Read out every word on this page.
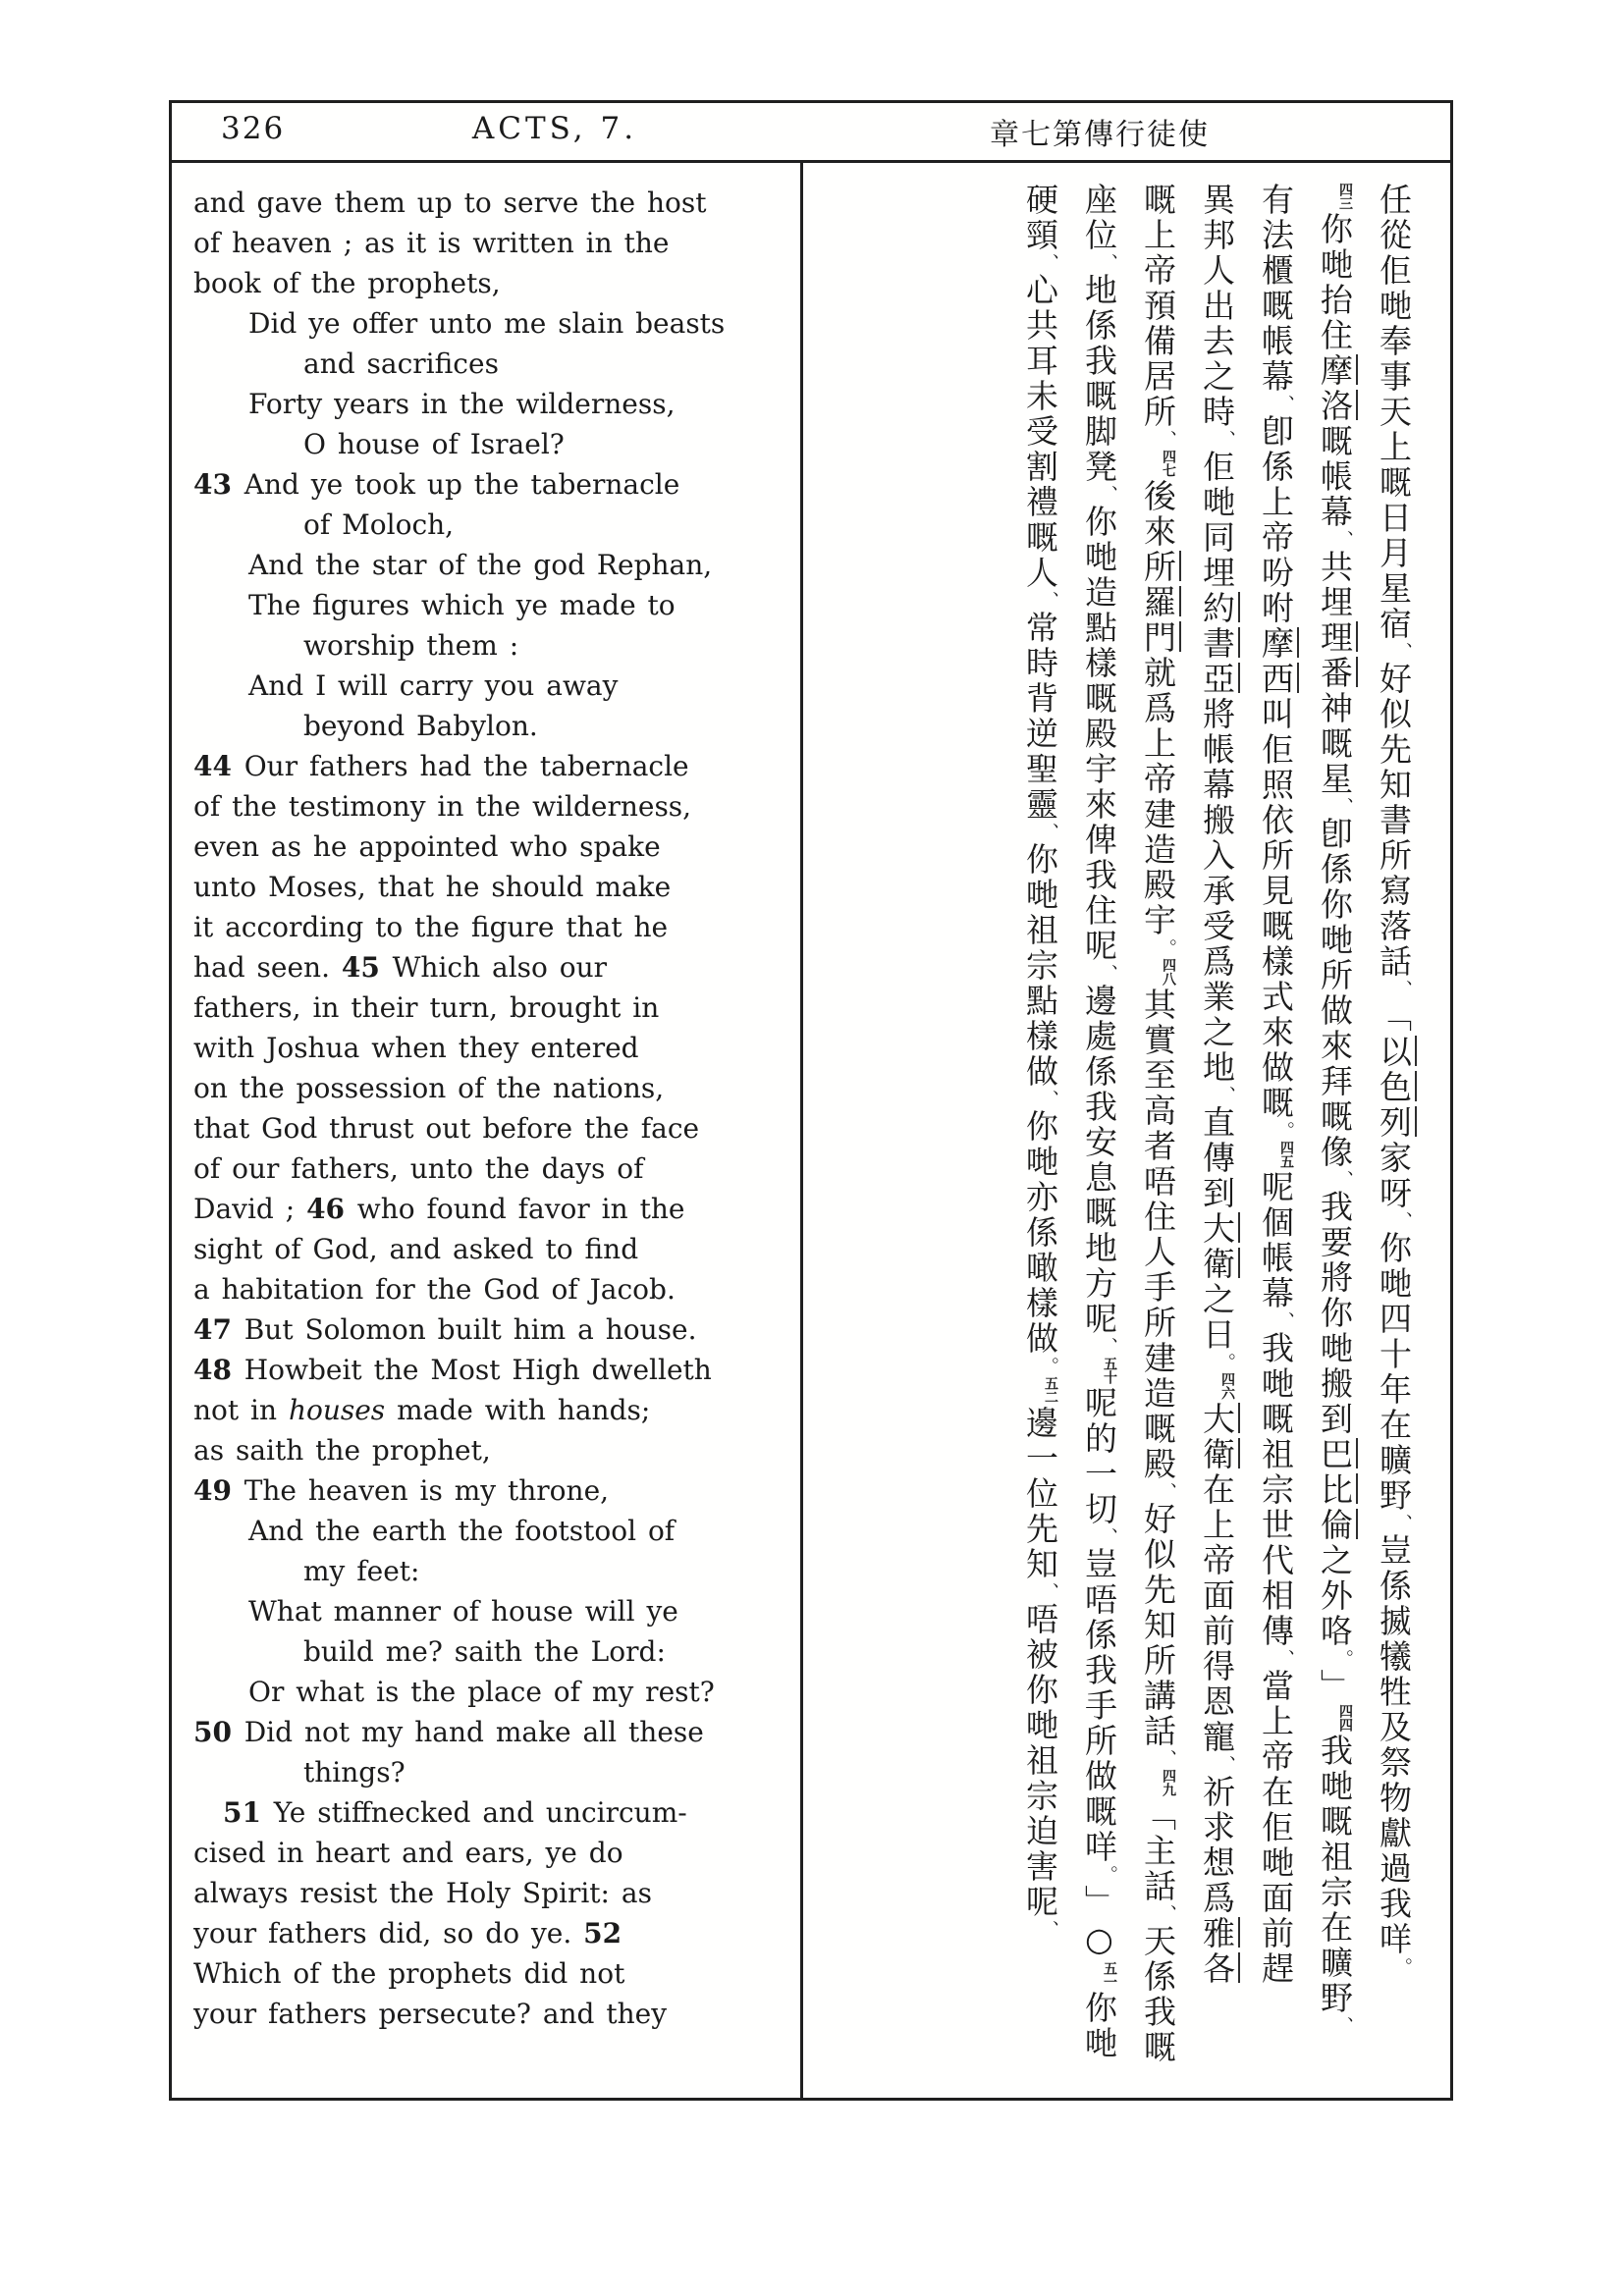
326	ACTS, 7.	章七第傳行徒使
and gave them up to serve the host
of heaven ; as it is written in the
book of the prophets,
Did ye offer unto me slain beasts
and sacrifices
Forty years in the wilderness,
O house of Israel?
43 And ye took up the tabernacle
of Moloch,
And the star of the god Rephan,
The figures which ye made to
worship them :
And I will carry you away
beyond Babylon.
44 Our fathers had the tabernacle
of the testimony in the wilderness,
even as he appointed who spake
unto Moses, that he should make
it according to the figure that he
had seen. 45 Which also our
fathers, in their turn, brought in
with Joshua when they entered
on the possession of the nations,
that God thrust out before the face
of our fathers, unto the days of
David ; 46 who found favor in the
sight of God, and asked to find
a habitation for the God of Jacob.
47 But Solomon built him a house.
48 Howbeit the Most High dwelleth
not in houses made with hands;
as saith the prophet,
49 The heaven is my throne,
And the earth the footstool of
my feet:
What manner of house will ye
build me? saith the Lord:
Or what is the place of my rest?
50 Did not my hand make all these
things?
51 Ye stiffnecked and uncircum-
cised in heart and ears, ye do
always resist the Holy Spirit: as
your fathers did, so do ye. 52
Which of the prophets did not
your fathers persecute? and they
任從佢哋奉事天上嘅日月星宿、好似先知書所寫落話、「以色列家呀、你哋四十年在曠野、豈係揻犧牲及祭物獻過我咩。
四三你哋抬住摩洛嘅帳幕、共埋理番神嘅星、卽係你哋所做來拜嘅像、我要將你哋搬到巴比倫之外咯。」四四我哋嘅祖宗在曠野、
有法櫃嘅帳幕、卽係上帝吩咐摩西叫佢照依所見嘅樣式來做嘅。四五呢個帳幕、我哋嘅祖宗世代相傳、當上帝在佢哋面前趕
異邦人出去之時、佢哋同埋約書亞將帳幕搬入承受爲業之地、直傳到大衛之日。四六大衛在上帝面前得恩寵、祈求想爲雅各
嘅上帝預備居所、四七後來所羅門就爲上帝建造殿宇。四八其實至高者唔住人手所建造嘅殿、好似先知所講話、四九「主話、天係我嘅
座位、地係我嘅脚凳、你哋造點樣嘅殿宇來俾我住呢、邊處係我安息嘅地方呢、五十呢的一切、豈唔係我手所做嘅咩。」○五一你哋
硬頸、心共耳未受割禮嘅人、常時背逆聖靈、你哋祖宗點樣做、你哋亦係噉樣做。五二邊一位先知、唔被你哋祖宗迫害呢、
